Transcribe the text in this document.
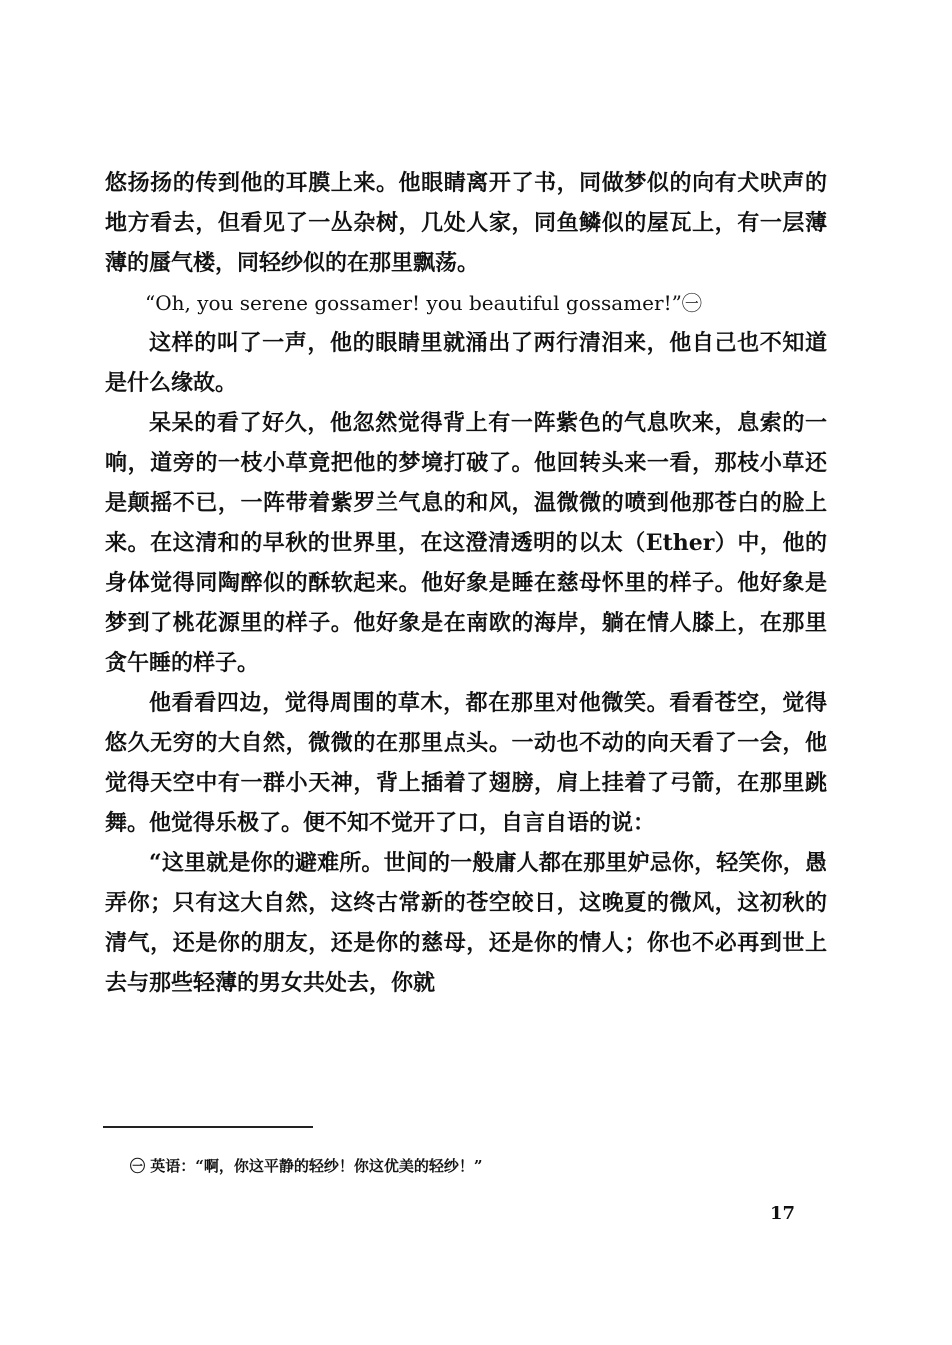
悠扬扬的传到他的耳膜上来。他眼睛离开了书，同做梦似的向有犬吠声的地方看去，但看见了一丛杂树，几处人家，同鱼鳞似的屋瓦上，有一层薄薄的蜃气楼，同轻纱似的在那里飘荡。

“Oh, you serene gossamer! you beautiful gossamer!”㊀

这样的叫了一声，他的眼睛里就涌出了两行清泪来，他自己也不知道是什么缘故。

呆呆的看了好久，他忽然觉得背上有一阵紫色的气息吹来，息索的一响，道旁的一枝小草竟把他的梦境打破了。他回转头来一看，那枝小草还是颠摇不已，一阵带着紫罗兰气息的和风，温微微的喷到他那苍白的脸上来。在这清和的早秋的世界里，在这澄清透明的以太（Ether）中，他的身体觉得同陶醉似的酥软起来。他好象是睡在慈母怀里的样子。他好象是梦到了桃花源里的样子。他好象是在南欧的海岸，躺在情人膝上，在那里贪午睡的样子。

他看看四边，觉得周围的草木，都在那里对他微笑。看看苍空，觉得悠久无穷的大自然，微微的在那里点头。一动也不动的向天看了一会，他觉得天空中有一群小天神，背上插着了翅膀，肩上挂着了弓箭，在那里跳舞。他觉得乐极了。便不知不觉开了口，自言自语的说：

“这里就是你的避难所。世间的一般庸人都在那里妒忌你，轻笑你，愚弄你；只有这大自然，这终古常新的苍空皎日，这晚夏的微风，这初秋的清气，还是你的朋友，还是你的慈母，还是你的情人；你也不必再到世上去与那些轻薄的男女共处去，你就

㊀ 英语：“啊，你这平静的轻纱！你这优美的轻纱！”
17
